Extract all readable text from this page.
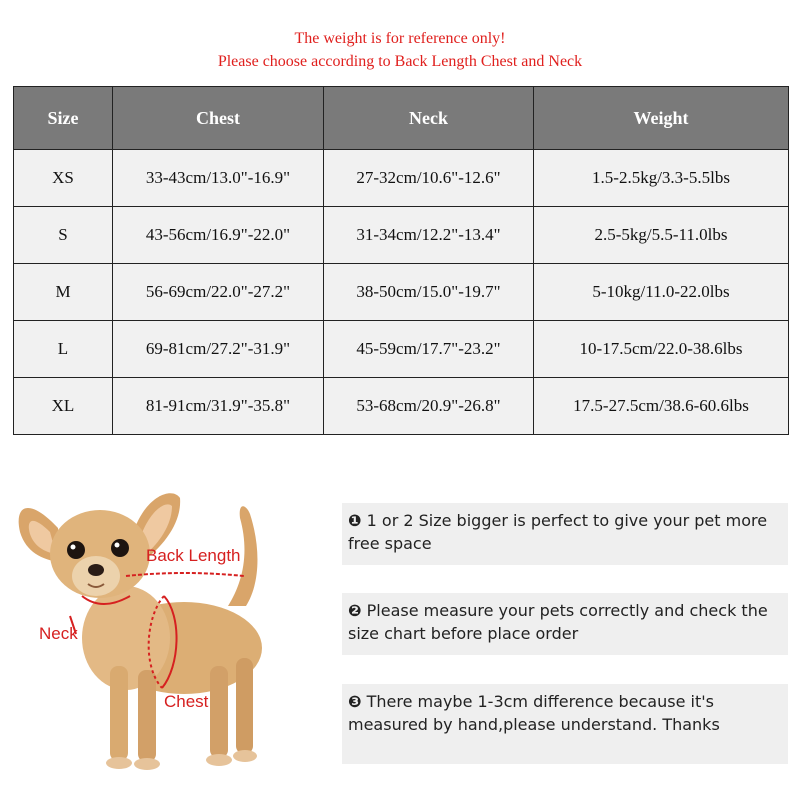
The weight is for reference only!
Please choose according to Back Length Chest and Neck
Size	Chest	Neck	Weight
XS	33-43cm/13.0"-16.9"	27-32cm/10.6"-12.6"	1.5-2.5kg/3.3-5.5lbs
S	43-56cm/16.9"-22.0"	31-34cm/12.2"-13.4"	2.5-5kg/5.5-11.0lbs
M	56-69cm/22.0"-27.2"	38-50cm/15.0"-19.7"	5-10kg/11.0-22.0lbs
L	69-81cm/27.2"-31.9"	45-59cm/17.7"-23.2"	10-17.5cm/22.0-38.6lbs
XL	81-91cm/31.9"-35.8"	53-68cm/20.9"-26.8"	17.5-27.5cm/38.6-60.6lbs
Back Length
Neck
Chest
❶ 1 or 2 Size bigger is perfect to give your pet more free space
❷ Please measure your pets correctly and check the size chart before place order
❸ There maybe 1-3cm difference because it's measured by hand,please understand. Thanks
